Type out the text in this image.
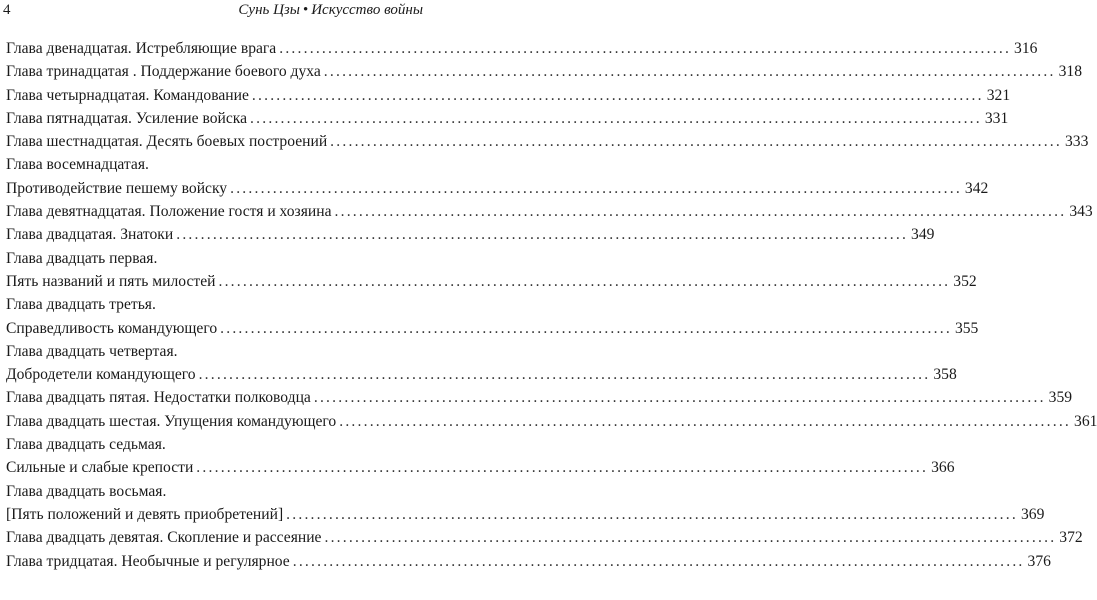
4	Сунь Цзы • Искусство войны
Глава двенадцатая. Истребляющие врага ........................................................................................................................ 316
Глава тринадцатая . Поддержание боевого духа ........................................................................................................................ 318
Глава четырнадцатая. Командование ........................................................................................................................ 321
Глава пятнадцатая. Усиление войска ........................................................................................................................ 331
Глава шестнадцатая. Десять боевых построений ........................................................................................................................ 333
Глава восемнадцатая.
Противодействие пешему войску ........................................................................................................................ 342
Глава девятнадцатая. Положение гостя и хозяина ........................................................................................................................ 343
Глава двадцатая. Знатоки ........................................................................................................................ 349
Глава двадцать первая.
Пять названий и пять милостей ........................................................................................................................ 352
Глава двадцать третья.
Справедливость командующего ........................................................................................................................ 355
Глава двадцать четвертая.
Добродетели командующего ........................................................................................................................ 358
Глава двадцать пятая. Недостатки полководца ........................................................................................................................ 359
Глава двадцать шестая. Упущения командующего ........................................................................................................................ 361
Глава двадцать седьмая.
Сильные и слабые крепости ........................................................................................................................ 366
Глава двадцать восьмая.
[Пять положений и девять приобретений] ........................................................................................................................ 369
Глава двадцать девятая. Скопление и рассеяние ........................................................................................................................ 372
Глава тридцатая. Необычные и регулярное ........................................................................................................................ 376
